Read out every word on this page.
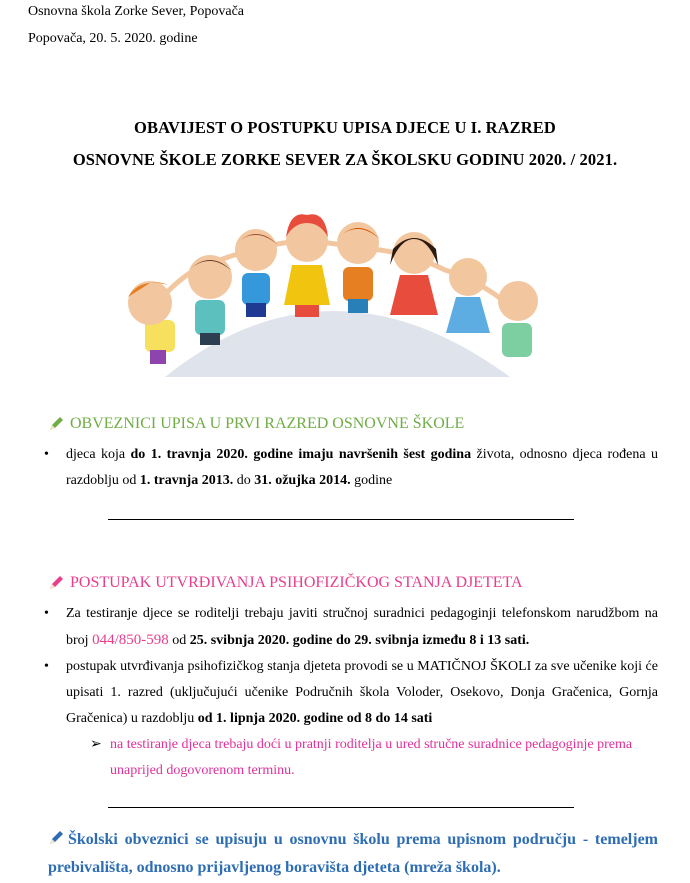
Osnovna škola Zorke Sever, Popovača
Popovača, 20. 5. 2020. godine
OBAVIJEST O POSTUPKU UPISA DJECE U I. RAZRED
OSNOVNE ŠKOLE ZORKE SEVER ZA ŠKOLSKU GODINU 2020. / 2021.
OBVEZNICI UPISA U PRVI RAZRED OSNOVNE ŠKOLE
•	djeca koja do 1. travnja 2020. godine imaju navršenih šest godina života, odnosno djeca rođena u razdoblju od 1. travnja 2013. do 31. ožujka 2014. godine
POSTUPAK UTVRĐIVANJA PSIHOFIZIČKOG STANJA DJETETA
•	Za testiranje djece se roditelji trebaju javiti stručnoj suradnici pedagoginji telefonskom narudžbom na broj 044/850-598 od 25. svibnja 2020. godine do 29. svibnja između 8 i 13 sati.
•	postupak utvrđivanja psihofizičkog stanja djeteta provodi se u MATIČNOJ ŠKOLI za sve učenike koji će upisati 1. razred (uključujući učenike Područnih škola Voloder, Osekovo, Donja Gračenica, Gornja Gračenica) u razdoblju od 1. lipnja 2020. godine od 8 do 14 sati
➢ na testiranje djeca trebaju doći u pratnji roditelja u ured stručne suradnice pedagoginje prema unaprijed dogovorenom terminu.
Školski obveznici se upisuju u osnovnu školu prema upisnom području - temeljem prebivališta, odnosno prijavljenog boravišta djeteta (mreža škola).
